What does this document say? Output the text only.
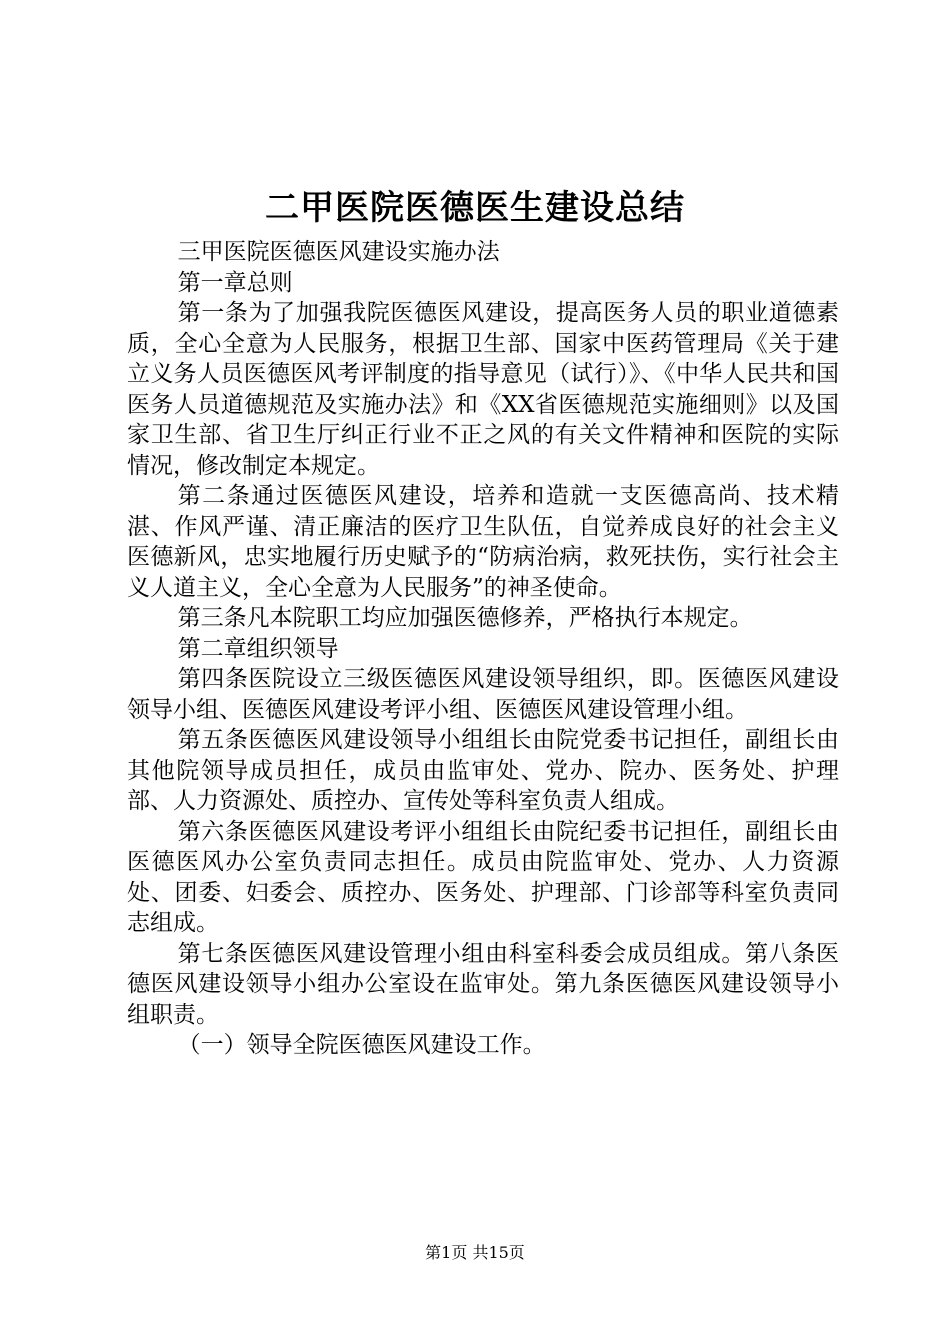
二甲医院医德医生建设总结

三甲医院医德医风建设实施办法

第一章总则

第一条为了加强我院医德医风建设，提高医务人员的职业道德素质，全心全意为人民服务，根据卫生部、国家中医药管理局《关于建立义务人员医德医风考评制度的指导意见（试行）》、《中华人民共和国医务人员道德规范及实施办法》和《XX省医德规范实施细则》以及国家卫生部、省卫生厅纠正行业不正之风的有关文件精神和医院的实际情况，修改制定本规定。

第二条通过医德医风建设，培养和造就一支医德高尚、技术精湛、作风严谨、清正廉洁的医疗卫生队伍，自觉养成良好的社会主义医德新风，忠实地履行历史赋予的“防病治病，救死扶伤，实行社会主义人道主义，全心全意为人民服务”的神圣使命。

第三条凡本院职工均应加强医德修养，严格执行本规定。

第二章组织领导

第四条医院设立三级医德医风建设领导组织，即。医德医风建设领导小组、医德医风建设考评小组、医德医风建设管理小组。

第五条医德医风建设领导小组组长由院党委书记担任，副组长由其他院领导成员担任，成员由监审处、党办、院办、医务处、护理部、人力资源处、质控办、宣传处等科室负责人组成。

第六条医德医风建设考评小组组长由院纪委书记担任，副组长由医德医风办公室负责同志担任。成员由院监审处、党办、人力资源处、团委、妇委会、质控办、医务处、护理部、门诊部等科室负责同志组成。

第七条医德医风建设管理小组由科室科委会成员组成。第八条医德医风建设领导小组办公室设在监审处。第九条医德医风建设领导小组职责。

（一）领导全院医德医风建设工作。

第1页 共15页
